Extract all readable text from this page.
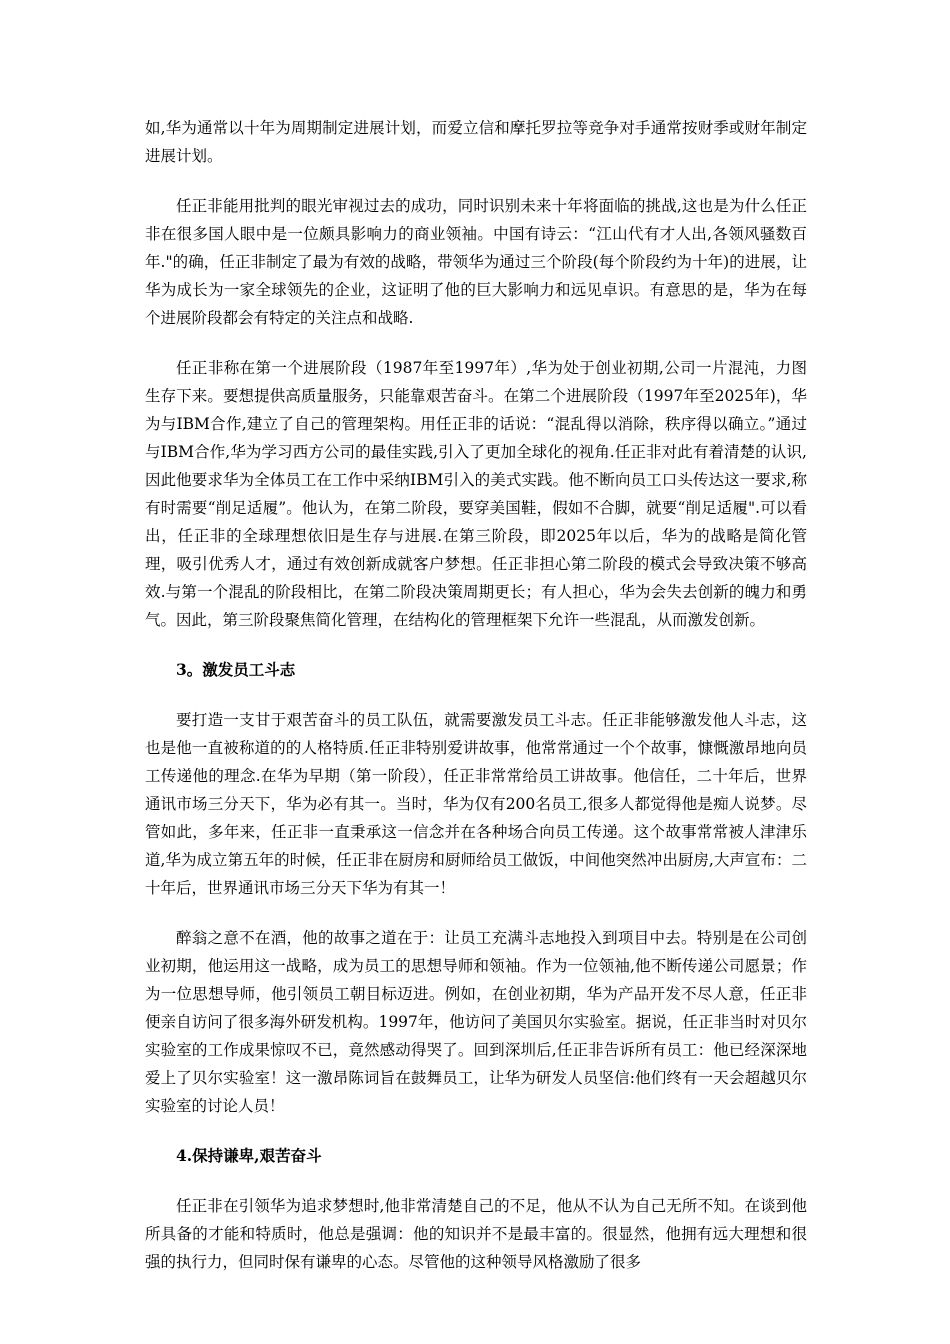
如,华为通常以十年为周期制定进展计划，而爱立信和摩托罗拉等竞争对手通常按财季或财年制定进展计划。

任正非能用批判的眼光审视过去的成功，同时识别未来十年将面临的挑战,这也是为什么任正非在很多国人眼中是一位颇具影响力的商业领袖。中国有诗云：“江山代有才人出,各领风骚数百年."的确，任正非制定了最为有效的战略，带领华为通过三个阶段(每个阶段约为十年)的进展，让华为成长为一家全球领先的企业，这证明了他的巨大影响力和远见卓识。有意思的是，华为在每个进展阶段都会有特定的关注点和战略.

任正非称在第一个进展阶段（1987年至1997年）,华为处于创业初期,公司一片混沌，力图生存下来。要想提供高质量服务，只能靠艰苦奋斗。在第二个进展阶段（1997年至2025年)，华为与IBM合作,建立了自己的管理架构。用任正非的话说：“混乱得以消除，秩序得以确立。”通过与IBM合作,华为学习西方公司的最佳实践,引入了更加全球化的视角.任正非对此有着清楚的认识,因此他要求华为全体员工在工作中采纳IBM引入的美式实践。他不断向员工口头传达这一要求,称有时需要“削足适履”。他认为，在第二阶段，要穿美国鞋，假如不合脚，就要“削足适履".可以看出，任正非的全球理想依旧是生存与进展.在第三阶段，即2025年以后，华为的战略是简化管理，吸引优秀人才，通过有效创新成就客户梦想。任正非担心第二阶段的模式会导致决策不够高效.与第一个混乱的阶段相比，在第二阶段决策周期更长；有人担心，华为会失去创新的魄力和勇气。因此，第三阶段聚焦简化管理，在结构化的管理框架下允许一些混乱，从而激发创新。

3。激发员工斗志

要打造一支甘于艰苦奋斗的员工队伍，就需要激发员工斗志。任正非能够激发他人斗志，这也是他一直被称道的的人格特质.任正非特别爱讲故事，他常常通过一个个故事，慷慨激昂地向员工传递他的理念.在华为早期（第一阶段），任正非常常给员工讲故事。他信任，二十年后，世界通讯市场三分天下，华为必有其一。当时，华为仅有200名员工,很多人都觉得他是痴人说梦。尽管如此，多年来，任正非一直秉承这一信念并在各种场合向员工传递。这个故事常常被人津津乐道,华为成立第五年的时候，任正非在厨房和厨师给员工做饭，中间他突然冲出厨房,大声宣布：二十年后，世界通讯市场三分天下华为有其一！

醉翁之意不在酒，他的故事之道在于：让员工充满斗志地投入到项目中去。特别是在公司创业初期，他运用这一战略，成为员工的思想导师和领袖。作为一位领袖,他不断传递公司愿景；作为一位思想导师，他引领员工朝目标迈进。例如，在创业初期，华为产品开发不尽人意，任正非便亲自访问了很多海外研发机构。1997年，他访问了美国贝尔实验室。据说，任正非当时对贝尔实验室的工作成果惊叹不已，竟然感动得哭了。回到深圳后,任正非告诉所有员工：他已经深深地爱上了贝尔实验室！这一激昂陈词旨在鼓舞员工，让华为研发人员坚信:他们终有一天会超越贝尔实验室的讨论人员！

4.保持谦卑,艰苦奋斗

任正非在引领华为追求梦想时,他非常清楚自己的不足，他从不认为自己无所不知。在谈到他所具备的才能和特质时，他总是强调：他的知识并不是最丰富的。很显然，他拥有远大理想和很强的执行力，但同时保有谦卑的心态。尽管他的这种领导风格激励了很多
